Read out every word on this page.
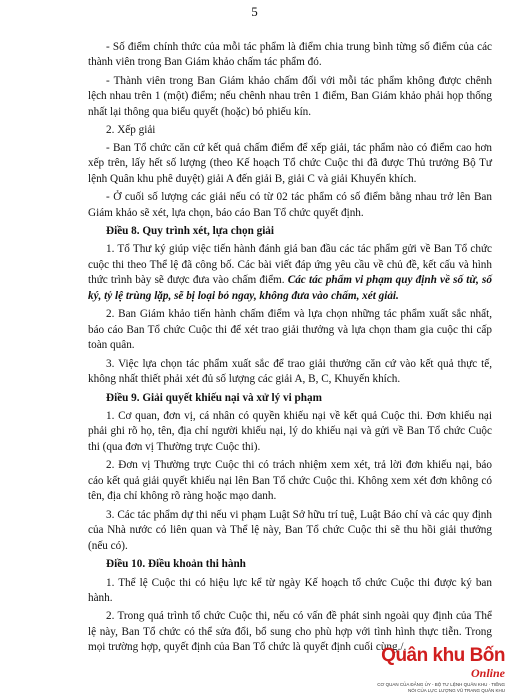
5

- Số điểm chính thức của mỗi tác phẩm là điểm chia trung bình từng số điểm của các thành viên trong Ban Giám khảo chấm tác phẩm đó.

- Thành viên trong Ban Giám khảo chấm đối với mỗi tác phẩm không được chênh lệch nhau trên 1 (một) điểm; nếu chênh nhau trên 1 điểm, Ban Giám khảo phải họp thống nhất lại thông qua biểu quyết (hoặc) bỏ phiếu kín.

2. Xếp giải

- Ban Tổ chức căn cứ kết quả chấm điểm để xếp giải, tác phẩm nào có điểm cao hơn xếp trên, lấy hết số lượng (theo Kế hoạch Tổ chức Cuộc thi đã được Thủ trưởng Bộ Tư lệnh Quân khu phê duyệt) giải A đến giải B, giải C và giải Khuyến khích.

- Ở cuối số lượng các giải nếu có từ 02 tác phẩm có số điểm bằng nhau trở lên Ban Giám khảo sẽ xét, lựa chọn, báo cáo Ban Tổ chức quyết định.

Điều 8. Quy trình xét, lựa chọn giải

1. Tổ Thư ký giúp việc tiến hành đánh giá ban đầu các tác phẩm gửi về Ban Tổ chức cuộc thi theo Thể lệ đã công bố. Các bài viết đáp ứng yêu cầu về chủ đề, kết cấu và hình thức trình bày sẽ được đưa vào chấm điểm. Các tác phẩm vi phạm quy định về số từ, số ký, tỷ lệ trùng lặp, sẽ bị loại bỏ ngay, không đưa vào chấm, xét giải.

2. Ban Giám khảo tiến hành chấm điểm và lựa chọn những tác phẩm xuất sắc nhất, báo cáo Ban Tổ chức Cuộc thi để xét trao giải thưởng và lựa chọn tham gia cuộc thi cấp toàn quân.

3. Việc lựa chọn tác phẩm xuất sắc để trao giải thưởng căn cứ vào kết quả thực tế, không nhất thiết phải xét đủ số lượng các giải A, B, C, Khuyến khích.

Điều 9. Giải quyết khiếu nại và xử lý vi phạm

1. Cơ quan, đơn vị, cá nhân có quyền khiếu nại về kết quả Cuộc thi. Đơn khiếu nại phải ghi rõ họ, tên, địa chỉ người khiếu nại, lý do khiếu nại và gửi về Ban Tổ chức Cuộc thi (qua đơn vị Thường trực Cuộc thi).

2. Đơn vị Thường trực Cuộc thi có trách nhiệm xem xét, trả lời đơn khiếu nại, báo cáo kết quả giải quyết khiếu nại lên Ban Tổ chức Cuộc thi. Không xem xét đơn không có tên, địa chỉ không rõ ràng hoặc mạo danh.

3. Các tác phẩm dự thi nếu vi phạm Luật Sở hữu trí tuệ, Luật Báo chí và các quy định của Nhà nước có liên quan và Thể lệ này, Ban Tổ chức Cuộc thi sẽ thu hồi giải thưởng (nếu có).

Điều 10. Điều khoản thi hành

1. Thể lệ Cuộc thi có hiệu lực kể từ ngày Kế hoạch tổ chức Cuộc thi được ký ban hành.

2. Trong quá trình tổ chức Cuộc thi, nếu có vấn đề phát sinh ngoài quy định của Thể lệ này, Ban Tổ chức có thể sửa đổi, bổ sung cho phù hợp với tình hình thực tiễn. Trong mọi trường hợp, quyết định của Ban Tổ chức là quyết định cuối cùng./.

Quân khu Bốn
Online
CƠ QUAN CỦA ĐẢNG ỦY - BỘ TƯ LỆNH QUÂN KHU · TIẾNG NÓI CỦA LỰC LƯỢNG VŨ TRANG QUÂN KHU
